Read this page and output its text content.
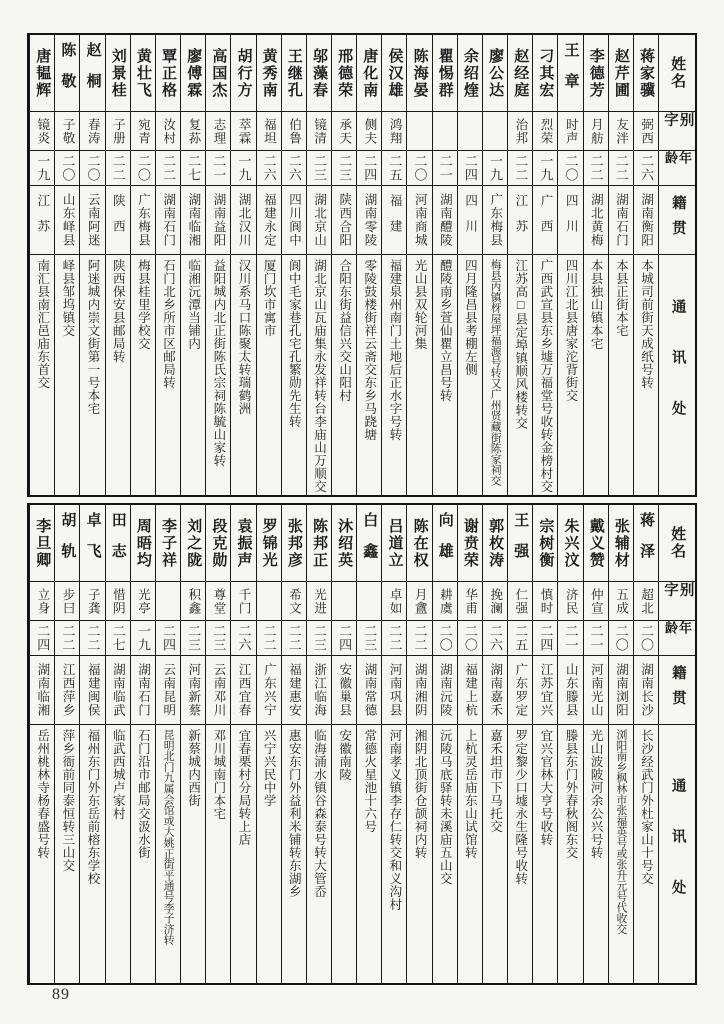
姓名
别字
年龄
籍贯
通讯处
蒋家骥
弼西
二六
湖南衡阳
本城司前街天成纸号转
赵芹圃
友泮
二二
湖南石门
本县正街本宅
李德芳
月舫
二二
湖北黄梅
本县独山镇本宅
王章
时声
二〇
四川
四川江北县唐家沱背街交
刁其宏
烈荣
一九
广西
广西武宣县东乡墟万福堂号收转金榜村交
赵经庭
治邦
二二
江苏
江苏高□县定埠镇顺风楼转交
廖公达
一九
广东梅县
梅县丙镇枒屋坪福源号转又广州贤藏街陈家祠交
余绍煃
二四
四川
四月隆昌县考棚左侧
瞿惕群
二一
湖南醴陵
醴陵南乡萱仙瞿立昌号转
陈海晏
二〇
河南商城
光山县双轮河集
侯汉雄
鸿翔
二五
福建
福建泉州南门土地后正水字号转
唐化南
侧夫
二四
湖南零陵
零陵鼓楼街祥云斋交东乡马跷塘
邢德荣
承天
二三
陕西合阳
合阳东街益信兴交山阳村
邬藻春
镜清
二三
湖北京山
湖北京山瓦庙集永发祥转台李庙山万顺交
王继孔
伯鲁
二六
四川阆中
阆中毛家巷孔宅孔繁勋先生转
黄秀南
福坦
二六
福建永定
厦门坎市寓市
胡行方
萃霖
一九
湖北汉川
汉川系马口陈聚太转瑞鹤洲
高国杰
志理
二一
湖南益阳
益阳城内北正街陈氏宗祠陈毓山家转
廖傅霖
复荪
二七
湖南临湘
临湘沅潭当铺内
覃正格
汝村
二二
湖南石门
石门北乡所市区邮局转
黄壮飞
宛青
二〇
广东梅县
梅县桂里学校交
刘景桂
子册
二二
陕西
陕西保安县邮局转
赵桐
春涛
二〇
云南阿迷
阿迷城内崇文街第一号本宅
陈敬
子敬
二〇
山东峄县
峄县邹坞镇交
唐韫辉
镜炎
一九
江苏
南汇县南汇邑庙东首交
姓名
别字
年龄
籍贯
通讯处
蒋泽
超北
二〇
湖南长沙
长沙经武门外杜家山十号交
张辅材
五成
二〇
湖南浏阳
浏阳南乡枫林市张福英号或张升元号代收交
戴义赞
仲宣
二一
河南光山
光山波陂河余公兴号转
朱兴汶
济民
二一
山东滕县
滕县东门外春秋阁东交
宗树衡
慎时
二四
江苏宜兴
宜兴官林大亨号收转
王强
仁强
二五
广东罗定
罗定黎少口墟永生隆号收转
郭枚涛
挽澜
二六
湖南嘉禾
嘉禾坦市下马托交
谢贲荣
华甫
二〇
福建上杭
上杭灵岳庙东山试馆转
向雄
耕虞
二〇
湖南沅陵
沅陵马底驿转未溪庙五山交
陈在权
月盦
二二
湖南湘阴
湘阴北顶街仓颉祠内转
吕道立
卓如
二二
河南巩县
河南孝义镇李存仁转交和义沟村
白鑫
二三
湖南常德
常德火星池十六号
沐绍英
二四
安徽巢县
安徽南陵
陈邦正
光进
二三
浙江临海
临海涌水镇谷森泰号转大管岙
张邦彦
希文
二二
福建惠安
惠安东门外益利米铺转东湖乡
罗锦光
二二
广东兴宁
兴宁兴民中学
袁振声
千门
二六
江西宜春
宜春栗村分局转上店
段克勋
尊堂
二三
云南邓川
邓川城南门本宅
刘之陇
积鑫
二三
河南新蔡
新蔡城内西街
李子祥
二四
云南昆明
昆明北门九属会馆或大姚正街平通号李子济转
周晤均
光亭
一九
湖南石门
石门沿市邮局交汲水街
田志
惜阴
二七
湖南临武
临武西城卢家村
卓飞
子龚
二二
福建闽侯
福州东门外东岳前榕东学校
胡轨
步曰
二二
江西萍乡
萍乡衙前同泰恒转三山交
李旦卿
立身
二四
湖南临湘
岳州桃林寺杨春盛号转
89
